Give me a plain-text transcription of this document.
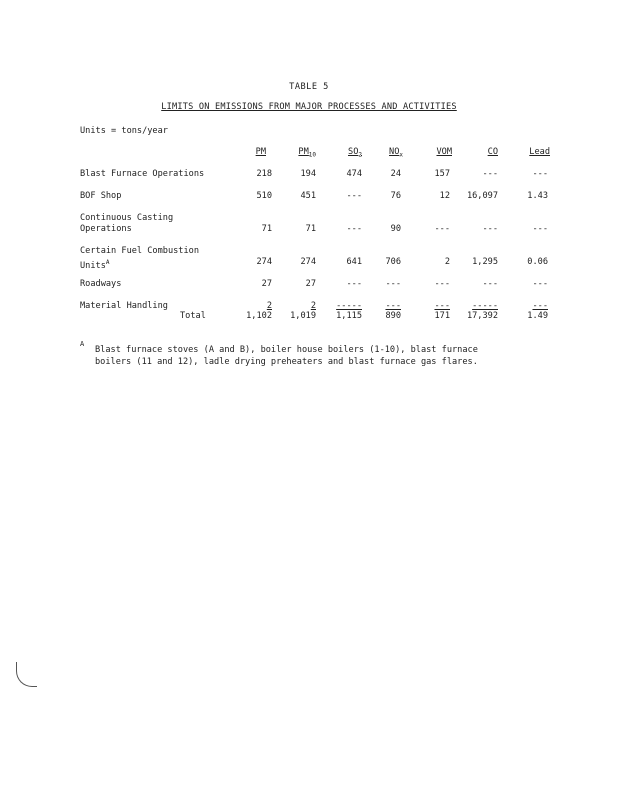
TABLE 5
LIMITS ON EMISSIONS FROM MAJOR PROCESSES AND ACTIVITIES
Units = tons/year
PM	$PM_{10}$	$SO_2$	$NO_x$	VOM	CO	Lead
Blast Furnace Operations	218	194	474	24	157	---	---
BOF Shop	510	451	---	76	12	16,097	1.43
Continuous Casting
Operations	71	71	---	90	---	---	---
Certain Fuel Combustion
Units$^A$	274	274	641	706	2	1,295	0.06
Roadways	27	27	---	---	---	---	---
Material Handling	2	2	-----	---	---	-----	---
Total	1,102	1,019	1,115	890	171	17,392	1.49
A
Blast furnace stoves (A and B), boiler house boilers (1-10), blast furnace
boilers (11 and 12), ladle drying preheaters and blast furnace gas flares.
